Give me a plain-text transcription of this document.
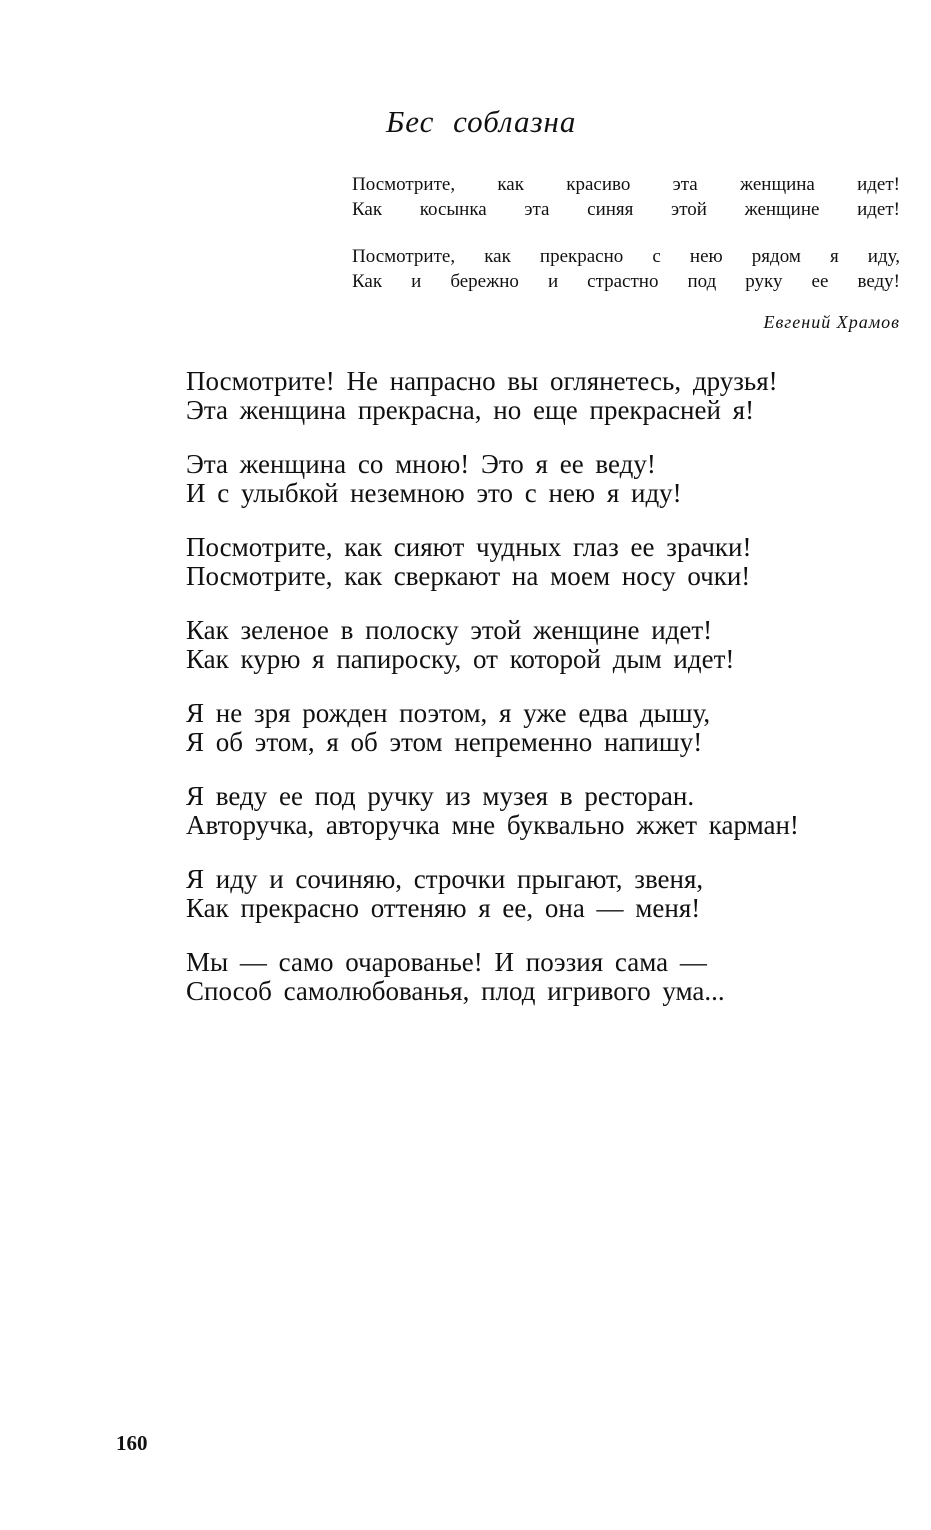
Бес соблазна
Посмотрите, как красиво эта женщина идет!
Как косынка эта синяя этой женщине идет!
Посмотрите, как прекрасно с нею рядом я иду,
Как и бережно и страстно под руку ее веду!
Евгений Храмов
Посмотрите! Не напрасно вы оглянетесь, друзья!
Эта женщина прекрасна, но еще прекрасней я!
Эта женщина со мною! Это я ее веду!
И с улыбкой неземною это с нею я иду!
Посмотрите, как сияют чудных глаз ее зрачки!
Посмотрите, как сверкают на моем носу очки!
Как зеленое в полоску этой женщине идет!
Как курю я папироску, от которой дым идет!
Я не зря рожден поэтом, я уже едва дышу,
Я об этом, я об этом непременно напишу!
Я веду ее под ручку из музея в ресторан.
Авторучка, авторучка мне буквально жжет карман!
Я иду и сочиняю, строчки прыгают, звеня,
Как прекрасно оттеняю я ее, она — меня!
Мы — само очарованье! И поэзия сама —
Способ самолюбованья, плод игривого ума...
160
